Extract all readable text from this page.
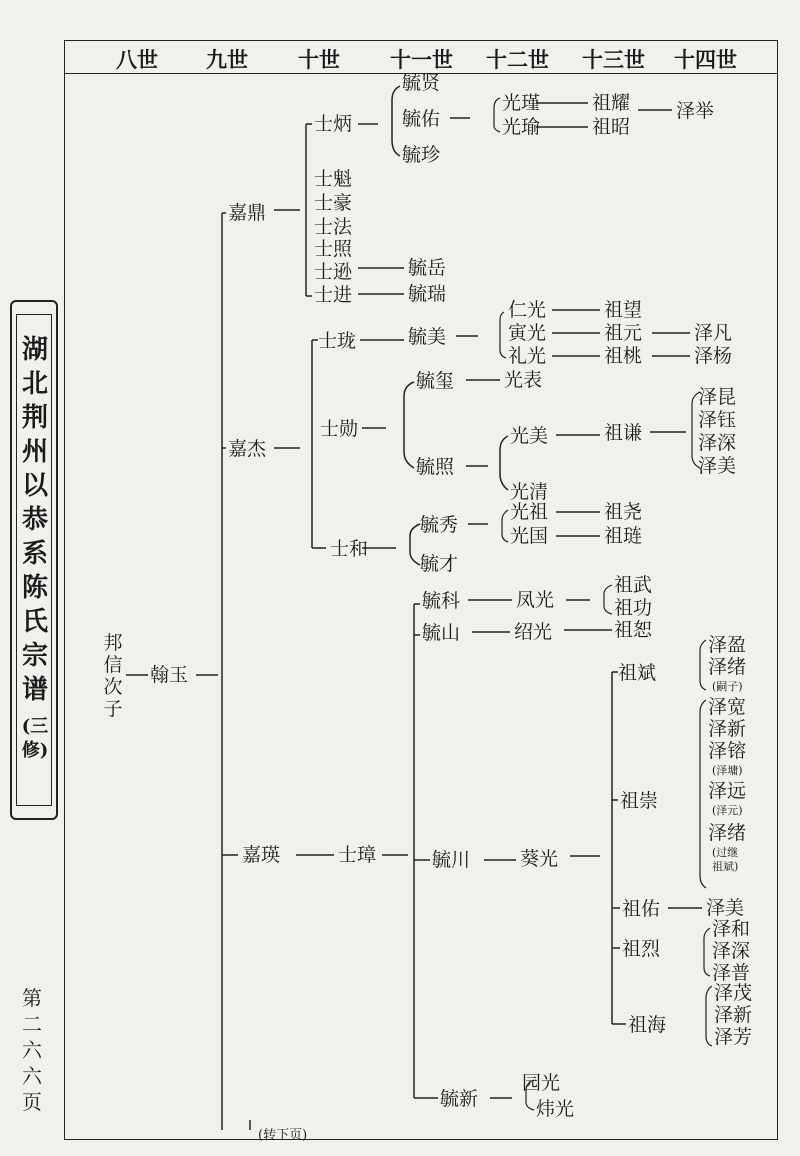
八世 九世 十世 十一世 十二世 十三世 十四世
湖北荆州以恭系陈氏宗谱
(三修)
第二六六页
邦信次子
翰玉
嘉鼎
嘉杰
嘉瑛
士炳
士魁
士豪
士法
士照
士逊
士进
毓贤
毓佑
毓珍
光瑾
光瑜
祖耀
祖昭
泽举
毓岳
毓瑞
士珑
士勋
士和
毓美
仁光
寅光
礼光
祖望
祖元
祖桃
泽凡
泽杨
毓玺
毓照
光表
光美
光清
祖谦
泽昆
泽钰
泽深
泽美
毓秀
毓才
光祖
光国
祖尧
祖琏
士璋
毓科
毓山
毓川
毓新
凤光
祖武
祖功
绍光	祖恕
葵光
园光
炜光
祖斌
祖崇
祖佑
祖烈
祖海
泽盈
泽绪
(嗣子)
泽宽
泽新
泽镕
(泽墉)
泽远
(泽元)
泽绪
(过继祖斌)
泽美
泽和
泽深
泽普
泽茂
泽新
泽芳
(转下页)
